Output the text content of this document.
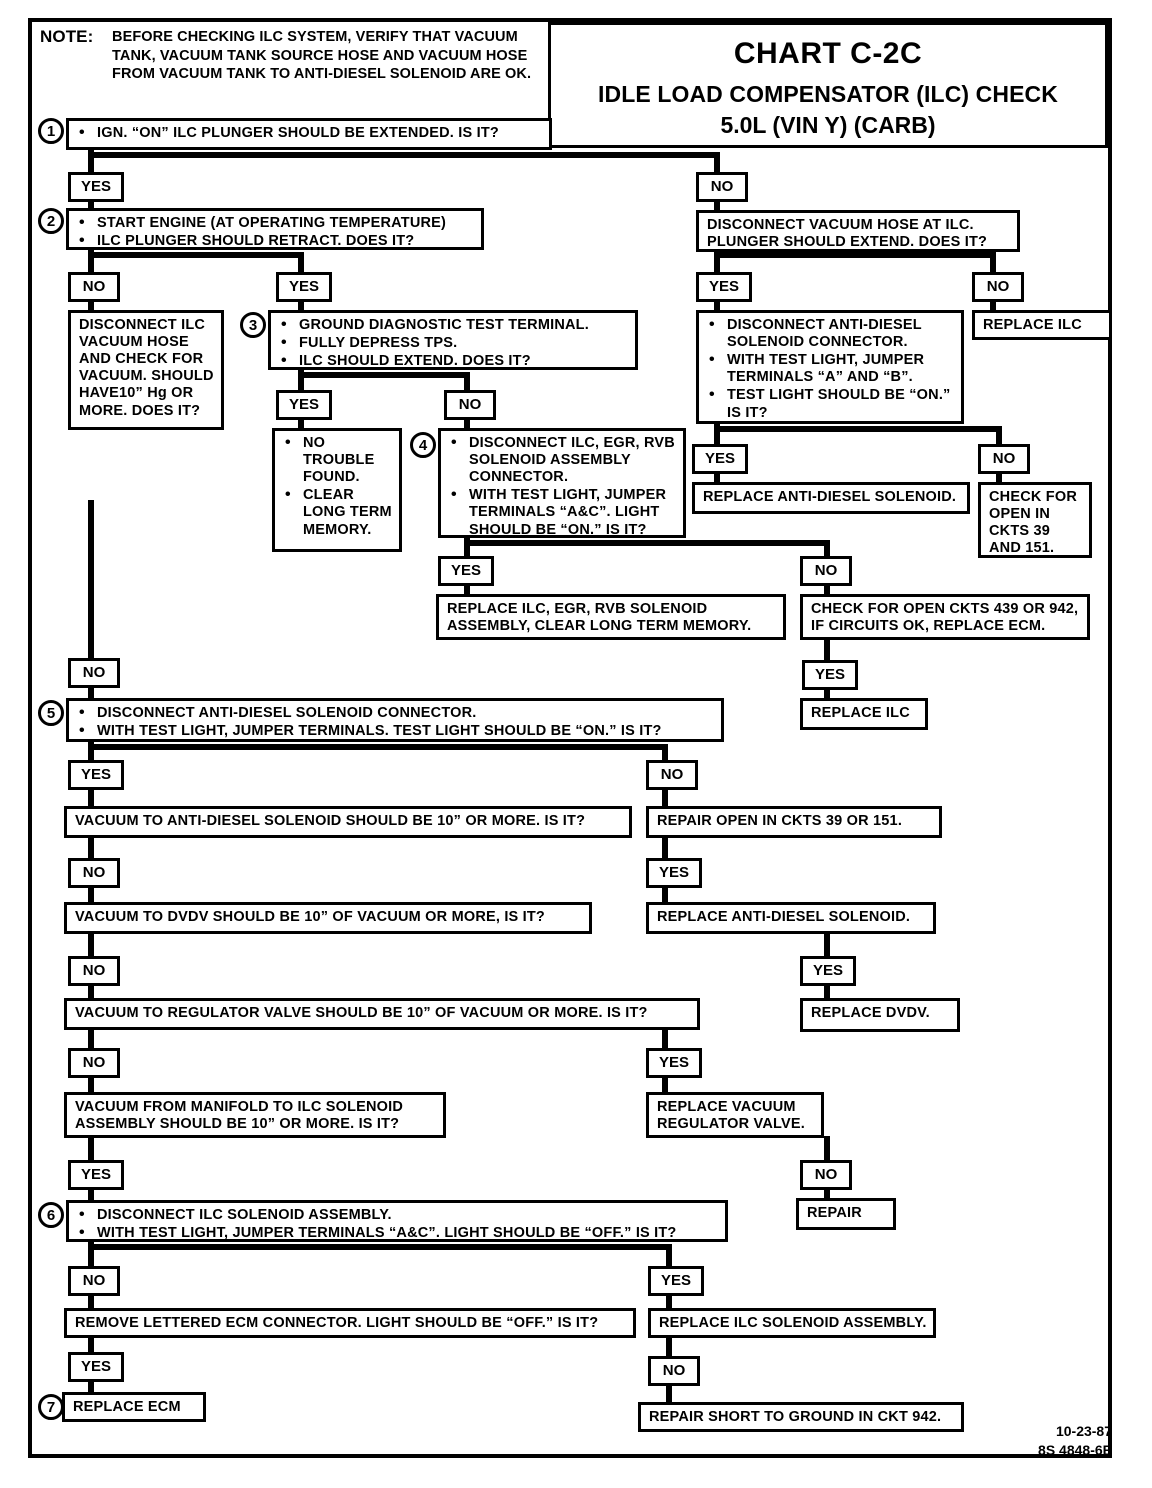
NOTE: BEFORE CHECKING ILC SYSTEM, VERIFY THAT VACUUM TANK, VACUUM TANK SOURCE HOSE AND VACUUM HOSE FROM VACUUM TANK TO ANTI-DIESEL SOLENOID ARE OK.
CHART C-2C
IDLE LOAD COMPENSATOR (ILC) CHECK
5.0L (VIN Y) (CARB)
1	• IGN. “ON” ILC PLUNGER SHOULD BE EXTENDED. IS IT?
YES	NO
2	• START ENGINE (AT OPERATING TEMPERATURE)
• ILC PLUNGER SHOULD RETRACT. DOES IT?
DISCONNECT VACUUM HOSE AT ILC. PLUNGER SHOULD EXTEND. DOES IT?
NO	YES	YES	NO
DISCONNECT ILC VACUUM HOSE AND CHECK FOR VACUUM. SHOULD HAVE10” Hg OR MORE. DOES IT?
3	• GROUND DIAGNOSTIC TEST TERMINAL.
• FULLY DEPRESS TPS.
• ILC SHOULD EXTEND. DOES IT?
REPLACE ILC
• DISCONNECT ANTI-DIESEL SOLENOID CONNECTOR.
• WITH TEST LIGHT, JUMPER TERMINALS “A” AND “B”.
• TEST LIGHT SHOULD BE “ON.” IS IT?
YES	NO
• NO TROUBLE FOUND.
• CLEAR LONG TERM MEMORY.
4	• DISCONNECT ILC, EGR, RVB SOLENOID ASSEMBLY CONNECTOR.
• WITH TEST LIGHT, JUMPER TERMINALS “A&C”. LIGHT SHOULD BE “ON.” IS IT?
YES	NO
REPLACE ANTI-DIESEL SOLENOID.	CHECK FOR OPEN IN CKTS 39 AND 151.
YES	NO
REPLACE ILC, EGR, RVB SOLENOID ASSEMBLY, CLEAR LONG TERM MEMORY.
CHECK FOR OPEN CKTS 439 OR 942, IF CIRCUITS OK, REPLACE ECM.
YES
REPLACE ILC
NO
5	• DISCONNECT ANTI-DIESEL SOLENOID CONNECTOR.
• WITH TEST LIGHT, JUMPER TERMINALS. TEST LIGHT SHOULD BE “ON.” IS IT?
YES	NO
VACUUM TO ANTI-DIESEL SOLENOID SHOULD BE 10” OR MORE. IS IT?	REPAIR OPEN IN CKTS 39 OR 151.
NO	YES
VACUUM TO DVDV SHOULD BE 10” OF VACUUM OR MORE, IS IT?	REPLACE ANTI-DIESEL SOLENOID.
NO	YES
VACUUM TO REGULATOR VALVE SHOULD BE 10” OF VACUUM OR MORE. IS IT?	REPLACE DVDV.
NO	YES
VACUUM FROM MANIFOLD TO ILC SOLENOID ASSEMBLY SHOULD BE 10” OR MORE. IS IT?
REPLACE VACUUM REGULATOR VALVE.
YES	NO
REPAIR
6	• DISCONNECT ILC SOLENOID ASSEMBLY.
• WITH TEST LIGHT, JUMPER TERMINALS “A&C”. LIGHT SHOULD BE “OFF.” IS IT?
NO	YES
REMOVE LETTERED ECM CONNECTOR. LIGHT SHOULD BE “OFF.” IS IT?	REPLACE ILC SOLENOID ASSEMBLY.
YES	NO
7	REPLACE ECM
REPAIR SHORT TO GROUND IN CKT 942.
10-23-87
8S 4848-6E
